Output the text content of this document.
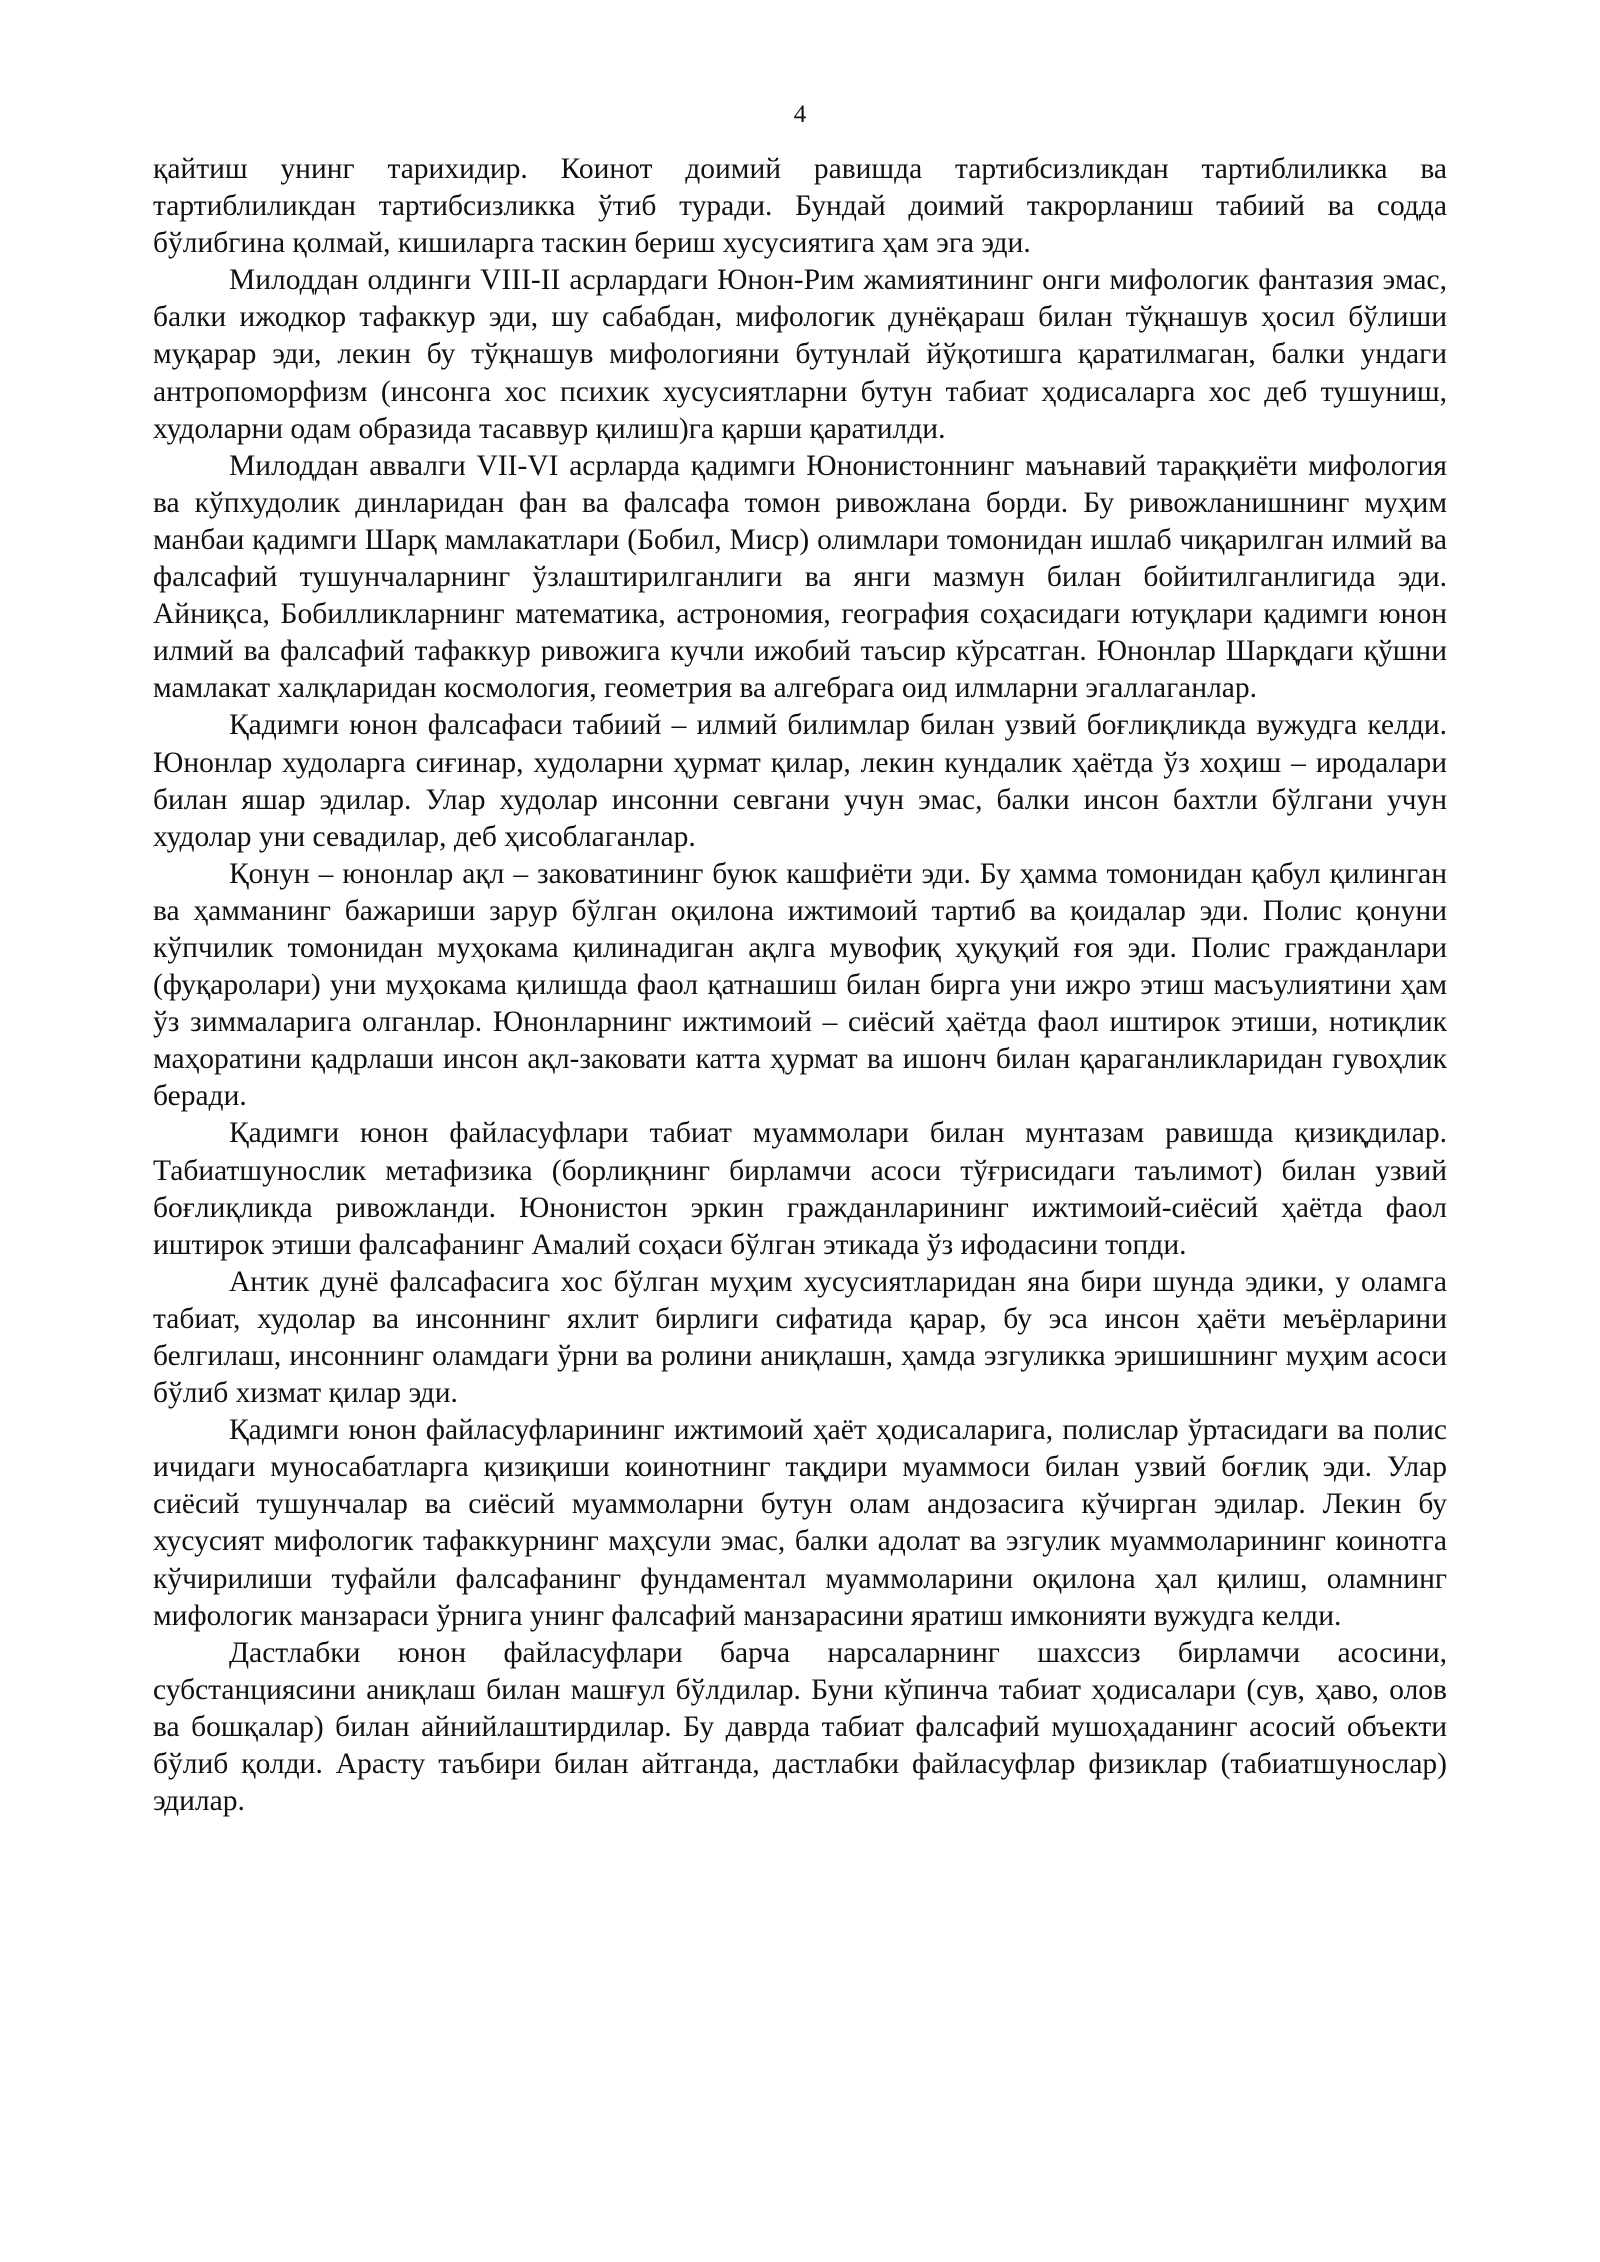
4

қайтиш унинг тарихидир. Коинот доимий равишда тартибсизликдан тартиблиликка ва тартиблиликдан тартибсизликка ўтиб туради. Бундай доимий такрорланиш табиий ва содда бўлибгина қолмай, кишиларга таскин бериш хусусиятига ҳам эга эди.

Милоддан олдинги VIII-II асрлардаги Юнон-Рим жамиятининг онги мифологик фантазия эмас, балки ижодкор тафаккур эди, шу сабабдан, мифологик дунёқараш билан тўқнашув ҳосил бўлиши муқарар эди, лекин бу тўқнашув мифологияни бутунлай йўқотишга қаратилмаган, балки ундаги антропоморфизм (инсонга хос психик хусусиятларни бутун табиат ҳодисаларга хос деб тушуниш, худоларни одам образида тасаввур қилиш)га қарши қаратилди.

Милоддан аввалги VII-VI асрларда қадимги Юнонистоннинг маънавий тараққиёти мифология ва кўпхудолик динларидан фан ва фалсафа томон ривожлана борди. Бу ривожланишнинг муҳим манбаи қадимги Шарқ мамлакатлари (Бобил, Миср) олимлари томонидан ишлаб чиқарилган илмий ва фалсафий тушунчаларнинг ўзлаштирилганлиги ва янги мазмун билан бойитилганлигида эди. Айниқса, Бобилликларнинг математика, астрономия, география соҳасидаги ютуқлари қадимги юнон илмий ва фалсафий тафаккур ривожига кучли ижобий таъсир кўрсатган. Юнонлар Шарқдаги қўшни мамлакат халқларидан космология, геометрия ва алгебрага оид илмларни эгаллаганлар.

Қадимги юнон фалсафаси табиий – илмий билимлар билан узвий боғлиқликда вужудга келди. Юнонлар худоларга сиғинар, худоларни ҳурмат қилар, лекин кундалик ҳаётда ўз хоҳиш – иродалари билан яшар эдилар. Улар худолар инсонни севгани учун эмас, балки инсон бахтли бўлгани учун худолар уни севадилар, деб ҳисоблаганлар.

Қонун – юнонлар ақл – заковатининг буюк кашфиёти эди. Бу ҳамма томонидан қабул қилинган ва ҳамманинг бажариши зарур бўлган оқилона ижтимоий тартиб ва қоидалар эди. Полис қонуни кўпчилик томонидан муҳокама қилинадиган ақлга мувофиқ ҳуқуқий ғоя эди. Полис гражданлари (фуқаролари) уни муҳокама қилишда фаол қатнашиш билан бирга уни ижро этиш масъулиятини ҳам ўз зиммаларига олганлар. Юнонларнинг ижтимоий – сиёсий ҳаётда фаол иштирок этиши, нотиқлик маҳоратини қадрлаши инсон ақл-заковати катта ҳурмат ва ишонч билан қараганликларидан гувоҳлик беради.

Қадимги юнон файласуфлари табиат муаммолари билан мунтазам равишда қизиқдилар. Табиатшунослик метафизика (борлиқнинг бирламчи асоси тўғрисидаги таълимот) билан узвий боғлиқликда ривожланди. Юнонистон эркин гражданларининг ижтимоий-сиёсий ҳаётда фаол иштирок этиши фалсафанинг Амалий соҳаси бўлган этикада ўз ифодасини топди.

Антик дунё фалсафасига хос бўлган муҳим хусусиятларидан яна бири шунда эдики, у оламга табиат, худолар ва инсоннинг яхлит бирлиги сифатида қарар, бу эса инсон ҳаёти меъёрларини белгилаш, инсоннинг оламдаги ўрни ва ролини аниқлашн, ҳамда эзгуликка эришишнинг муҳим асоси бўлиб хизмат қилар эди.

Қадимги юнон файласуфларининг ижтимоий ҳаёт ҳодисаларига, полислар ўртасидаги ва полис ичидаги муносабатларга қизиқиши коинотнинг тақдири муаммоси билан узвий боғлиқ эди. Улар сиёсий тушунчалар ва сиёсий муаммоларни бутун олам андозасига кўчирган эдилар. Лекин бу хусусият мифологик тафаккурнинг маҳсули эмас, балки адолат ва эзгулик муаммоларининг коинотга кўчирилиши туфайли фалсафанинг фундаментал муаммоларини оқилона ҳал қилиш, оламнинг мифологик манзараси ўрнига унинг фалсафий манзарасини яратиш имконияти вужудга келди.

Дастлабки юнон файласуфлари барча нарсаларнинг шахссиз бирламчи асосини, субстанциясини аниқлаш билан машғул бўлдилар. Буни кўпинча табиат ҳодисалари (сув, ҳаво, олов ва бошқалар) билан айнийлаштирдилар. Бу даврда табиат фалсафий мушоҳаданинг асосий объекти бўлиб қолди. Арасту таъбири билан айтганда, дастлабки файласуфлар физиклар (табиатшунослар) эдилар.
